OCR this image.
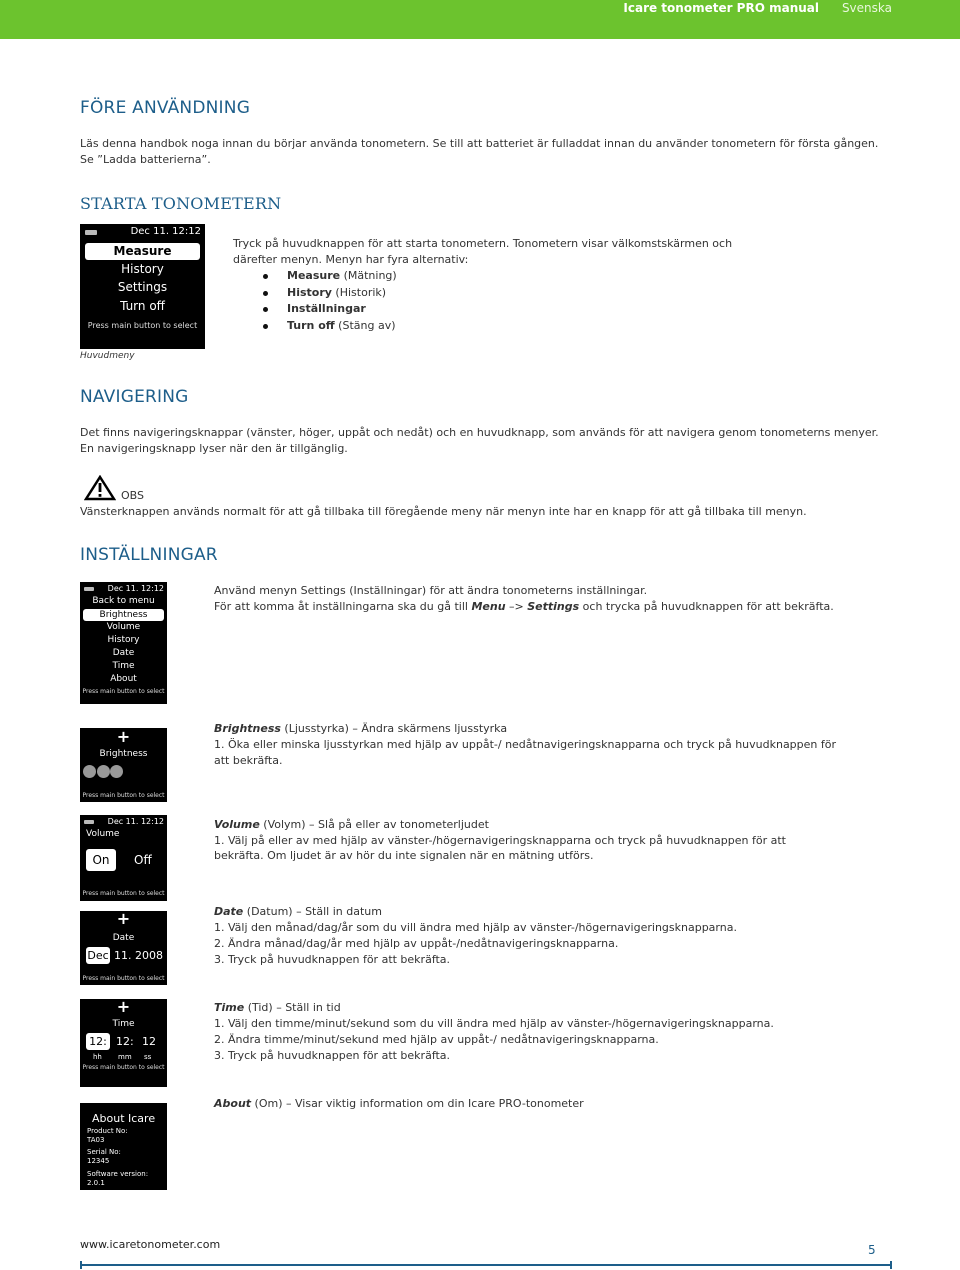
Icare tonometer PRO manual Svenska
FÖRE ANVÄNDNING
Läs denna handbok noga innan du börjar använda tonometern. Se till att batteriet är fulladdat innan du använder tonometern för första gången.
Se ”Ladda batterierna”.
STARTA TONOMETERN
Dec 11. 12:12
Measure
History
Settings
Turn off
Press main button to select
Huvudmeny
Tryck på huvudknappen för att starta tonometern. Tonometern visar välkomstskärmen och
därefter menyn. Menyn har fyra alternativ:
Measure (Mätning)
History (Historik)
Inställningar
Turn off (Stäng av)
NAVIGERING
Det finns navigeringsknappar (vänster, höger, uppåt och nedåt) och en huvudknapp, som används för att navigera genom tonometerns menyer.
En navigeringsknapp lyser när den är tillgänglig.
OBS
Vänsterknappen används normalt för att gå tillbaka till föregående meny när menyn inte har en knapp för att gå tillbaka till menyn.
INSTÄLLNINGAR
Dec 11. 12:12
Back to menu
Brightness
Volume
History
Date
Time
About
Press main button to select
Använd menyn Settings (Inställningar) för att ändra tonometerns inställningar.
För att komma åt inställningarna ska du gå till Menu –> Settings och trycka på huvudknappen för att bekräfta.
+
Brightness

Press main button to select
Brightness (Ljusstyrka) – Ändra skärmens ljusstyrka
1. Öka eller minska ljusstyrkan med hjälp av uppåt-/ nedåtnavigeringsknapparna och tryck på huvudknappen för
att bekräfta.
Dec 11. 12:12
Volume
On	Off
Press main button to select
Volume (Volym) – Slå på eller av tonometerljudet
1. Välj på eller av med hjälp av vänster-/högernavigeringsknapparna och tryck på huvudknappen för att
bekräfta. Om ljudet är av hör du inte signalen när en mätning utförs.
+
Date
Dec 11. 2008
Press main button to select
Date (Datum) – Ställ in datum
1. Välj den månad/dag/år som du vill ändra med hjälp av vänster-/högernavigeringsknapparna.
2. Ändra månad/dag/år med hjälp av uppåt-/nedåtnavigeringsknapparna.
3. Tryck på huvudknappen för att bekräfta.
+
Time
12: 12: 12
hh mm ss
Press main button to select
Time (Tid) – Ställ in tid
1. Välj den timme/minut/sekund som du vill ändra med hjälp av vänster-/högernavigeringsknapparna.
2. Ändra timme/minut/sekund med hjälp av uppåt-/ nedåtnavigeringsknapparna.
3. Tryck på huvudknappen för att bekräfta.
About Icare
Product No:
TA03
Serial No:
12345
Software version:
2.0.1
About (Om) – Visar viktig information om din Icare PRO-tonometer
www.icaretonometer.com	5
